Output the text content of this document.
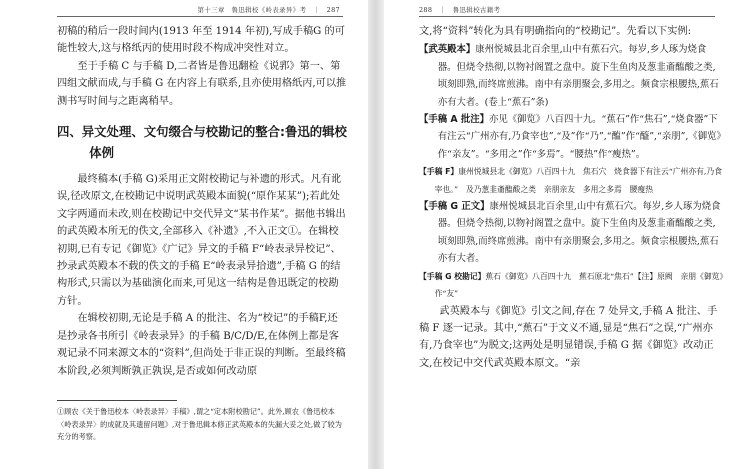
第十三章　鲁迅辑校《岭表录异》考　｜　287

初稿的稍后一段时间内(1913 年至 1914 年初),写成手稿G 的可能性较大,这与格纸丙的使用时段不构成冲突性对立。

至于手稿 C 与手稿 D,二者皆是鲁迅翻检《说郛》第一、第四组文献而成,与手稿 G 在内容上有联系,且亦使用格纸丙,可以推测书写时间与之距离稍早。

四、异文处理、文句缀合与校勘记的整合:鲁迅的辑校体例

最终稿本(手稿 G)采用正文附校勘记与补遗的形式。凡有讹误,径改原文,在校勘记中说明武英殿本面貌(“原作某某”);若此处文字两通而未改,则在校勘记中交代异文“某书作某”。据他书辑出的武英殿本所无的佚文,全部移入《补遗》,不入正文①。在辑校初期,已有专记《御览》《广记》异文的手稿 F“岭表录异校记”、抄录武英殿本不载的佚文的手稿 E“岭表录异拾遗”,手稿 G 的结构形式,只需以为基础演化而来,可见这一结构是鲁迅既定的校勘方针。

在辑校初期,无论是手稿 A 的批注、名为“校记”的手稿F,还是抄录各书所引《岭表录异》的手稿 B/C/D/E,在体例上都是客观记录不同来源文本的“资料”,但尚处于非正误的判断。至最终稿本阶段,必须判断孰正孰误,是否或如何改动原

①顾农《关于鲁迅校本〈岭表录异〉手稿》,谓之“定本附校勘记”。此外,顾农《鲁迅校本〈岭表录异〉的成就及其遗留问题》,对于鲁迅辑本修正武英殿本的失漏大妥之处,做了较为充分的考察。
288　｜　鲁迅辑校古籍考

文,将“资料”转化为具有明确指向的“校勘记”。先看以下实例:

【武英殿本】康州悦城县北百余里,山中有蕉石穴。每岁,乡人琢为烧食器。但烧令热彻,以物衬阁置之盘中。旋下生鱼肉及葱韭齑醢酸之类,顷刻即熟,而终席煎沸。南中有亲朋聚会,多用之。频食宗根腰热,蕉石亦有大者。(卷上“蕉石”条)

【手稿 A 批注】亦见《御览》八百四十九。“蕉石”作“焦石”,“烧食器”下有注云“广州亦有,乃食宰也”,“及”作“乃”,“醢”作“醯”,“亲朋”,《御览》作“亲友”。“多用之”作“多焉”。“腰热”作“瘦热”。

【手稿 F】康州悦城县北《御览》八百四十九　焦石穴　烧食器下有注云“广州亦有,乃食宰也。”　及乃葱韭齑醢酸之类　亲朋亲友　多用之多焉　腰瘦热

【手稿 G 正文】康州悦城县北百余里,山中有蕉石穴。每岁,乡人琢为烧食器。但烧令热彻,以物衬阁置之盘中。旋下生鱼肉及葱韭齑醢酸之类,顷刻即熟,而终席煎沸。南中有亲朋聚会,多用之。频食宗根腰热,蕉石亦有大者。

【手稿 G 校勘记】蕉石《御览》八百四十九　蕉石原北“焦石”【注】原阙　亲朋《御览》作“友”

武英殿本与《御览》引文之间,存在 7 处异文,手稿 A 批注、手稿 F 逐一记录。其中,“蕉石”于文义不通,显是“焦石”之误,“广州亦有,乃食宰也”为脱文;这两处是明显错误,手稿 G 据《御览》改动正文,在校记中交代武英殿本原文。“亲
